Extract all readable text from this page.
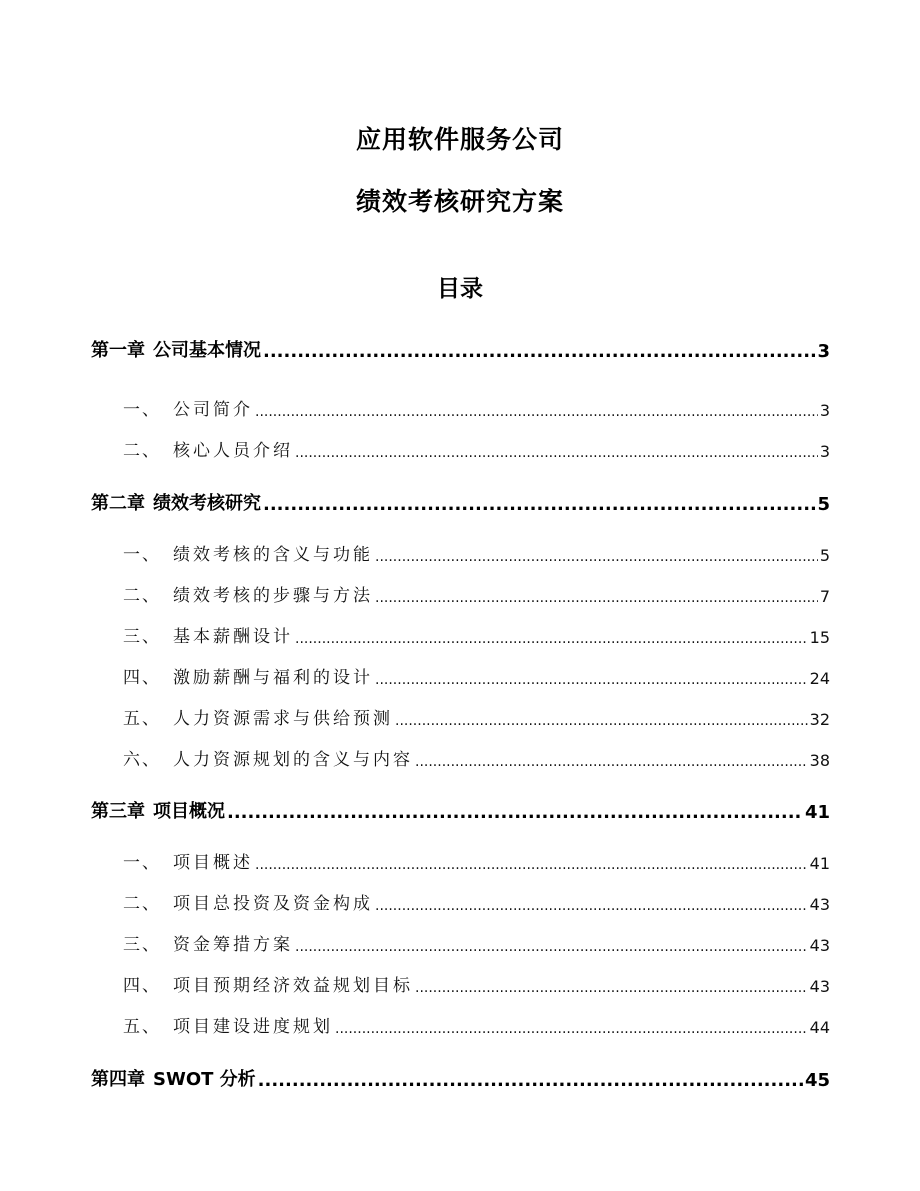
应用软件服务公司
绩效考核研究方案
目录
第一章 公司基本情况 .....	3
一、 公司简介 .....	3
二、 核心人员介绍 .....	3
第二章 绩效考核研究 .....	5
一、 绩效考核的含义与功能 .....	5
二、 绩效考核的步骤与方法 .....	7
三、 基本薪酬设计 .....	15
四、 激励薪酬与福利的设计 .....	24
五、 人力资源需求与供给预测 .....	32
六、 人力资源规划的含义与内容 .....	38
第三章 项目概况 .....	41
一、 项目概述 .....	41
二、 项目总投资及资金构成 .....	43
三、 资金筹措方案 .....	43
四、 项目预期经济效益规划目标 .....	43
五、 项目建设进度规划 .....	44
第四章 SWOT 分析 .....	45
